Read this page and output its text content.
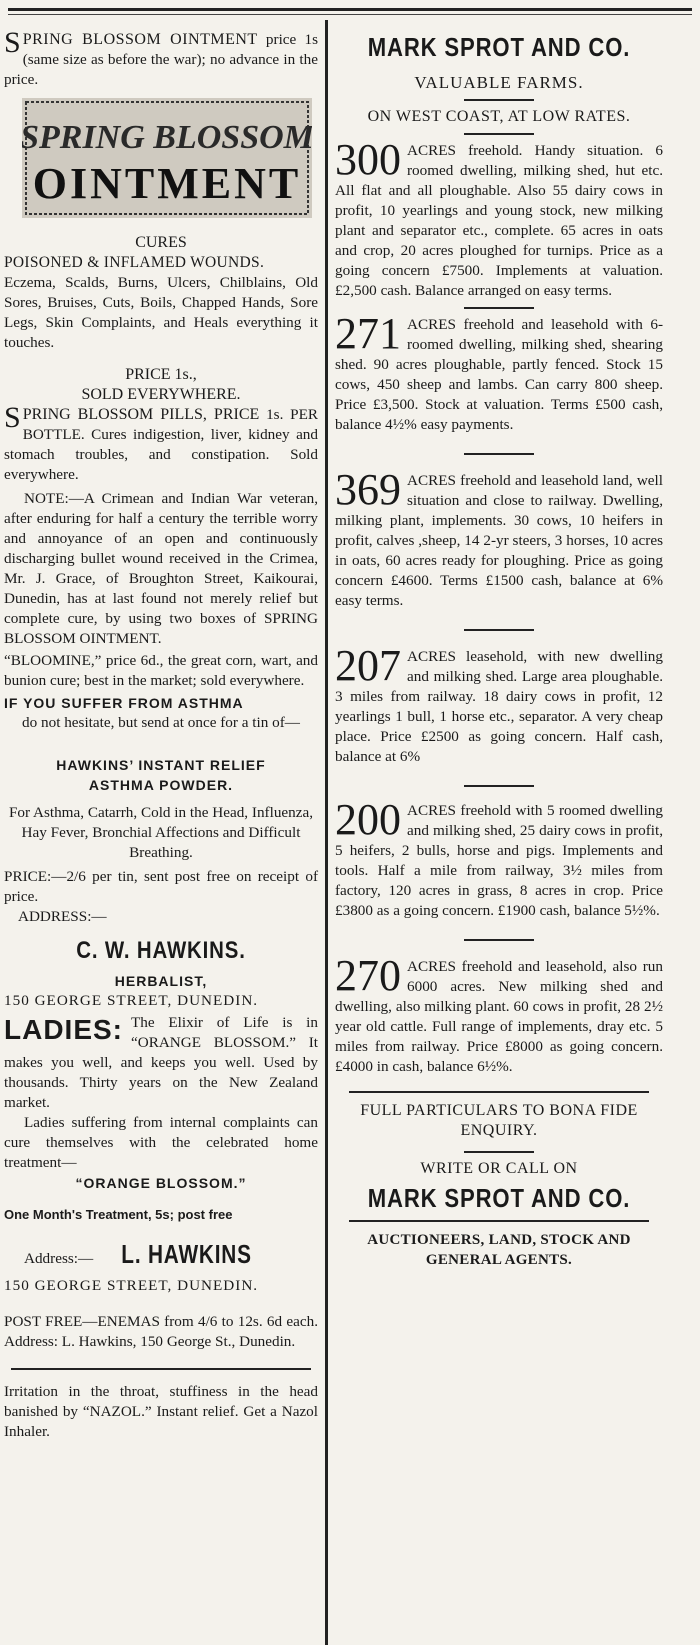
S PRING BLOSSOM OINTMENT price 1s (same size as before the war); no advance in the price.
SPRING BLOSSOM
OINTMENT

CURES

POISONED & INFLAMED WOUNDS.

Eczema, Scalds, Burns, Ulcers, Chilblains, Old Sores, Bruises, Cuts, Boils, Chapped Hands, Sore Legs, Skin Complaints, and Heals everything it touches.

PRICE 1s.,

SOLD EVERYWHERE.

S PRING BLOSSOM PILLS, PRICE 1s. PER BOTTLE. Cures indigestion, liver, kidney and stomach troubles, and constipation. Sold everywhere.

NOTE:—A Crimean and Indian War veteran, after enduring for half a century the terrible worry and annoyance of an open and continuously discharging bullet wound received in the Crimea, Mr. J. Grace, of Broughton Street, Kaikourai, Dunedin, has at last found not merely relief but complete cure, by using two boxes of SPRING BLOSSOM OINTMENT.

“BLOOMINE,” price 6d., the great corn, wart, and bunion cure; best in the market; sold everywhere.

IF YOU SUFFER FROM ASTHMA

do not hesitate, but send at once for a tin of—

HAWKINS’ INSTANT RELIEF

ASTHMA POWDER.

For Asthma, Catarrh, Cold in the Head, Influenza, Hay Fever, Bronchial Affections and Difficult Breathing.

PRICE:—2/6 per tin, sent post free on receipt of price.

ADDRESS:—

C. W. HAWKINS.

HERBALIST,

150 GEORGE STREET, DUNEDIN.

LADIES: The Elixir of Life is in “ORANGE BLOSSOM.” It makes you well, and keeps you well. Used by thousands. Thirty years on the New Zealand market.

Ladies suffering from internal complaints can cure themselves with the celebrated home treatment—

“ORANGE BLOSSOM.”

One Month's Treatment, 5s; post free

Address:— L. HAWKINS

150 GEORGE STREET, DUNEDIN.

POST FREE—ENEMAS from 4/6 to 12s. 6d each. Address: L. Hawkins, 150 George St., Dunedin.

Irritation in the throat, stuffiness in the head banished by “NAZOL.” Instant relief. Get a Nazol Inhaler.

MARK SPROT AND CO.

VALUABLE FARMS.

ON WEST COAST, AT LOW RATES.

300 ACRES freehold. Handy situation. 6 roomed dwelling, milking shed, hut etc. All flat and all ploughable. Also 55 dairy cows in profit, 10 yearlings and young stock, new milking plant and separator etc., complete. 65 acres in oats and crop, 20 acres ploughed for turnips. Price as a going concern £7500. Implements at valuation. £2,500 cash. Balance arranged on easy terms.
271 ACRES freehold and leasehold with 6-roomed dwelling, milking shed, shearing shed. 90 acres ploughable, partly fenced. Stock 15 cows, 450 sheep and lambs. Can carry 800 sheep. Price £3,500. Stock at valuation. Terms £500 cash, balance 4½% easy payments.
369 ACRES freehold and leasehold land, well situation and close to railway. Dwelling, milking plant, implements. 30 cows, 10 heifers in profit, calves ,sheep, 14 2-yr steers, 3 horses, 10 acres in oats, 60 acres ready for ploughing. Price as going concern £4600. Terms £1500 cash, balance at 6% easy terms.
207 ACRES leasehold, with new dwelling and milking shed. Large area ploughable. 3 miles from railway. 18 dairy cows in profit, 12 yearlings 1 bull, 1 horse etc., separator. A very cheap place. Price £2500 as going concern. Half cash, balance at 6%
200 ACRES freehold with 5 roomed dwelling and milking shed, 25 dairy cows in profit, 5 heifers, 2 bulls, horse and pigs. Implements and tools. Half a mile from railway, 3½ miles from factory, 120 acres in grass, 8 acres in crop. Price £3800 as a going concern. £1900 cash, balance 5½%.
270 ACRES freehold and leasehold, also run 6000 acres. New milking shed and dwelling, also milking plant. 60 cows in profit, 28 2½ year old cattle. Full range of implements, dray etc. 5 miles from railway. Price £8000 as going concern. £4000 in cash, balance 6½%.

FULL PARTICULARS TO BONA FIDE ENQUIRY.

WRITE OR CALL ON

MARK SPROT AND CO.

AUCTIONEERS, LAND, STOCK AND GENERAL AGENTS.
